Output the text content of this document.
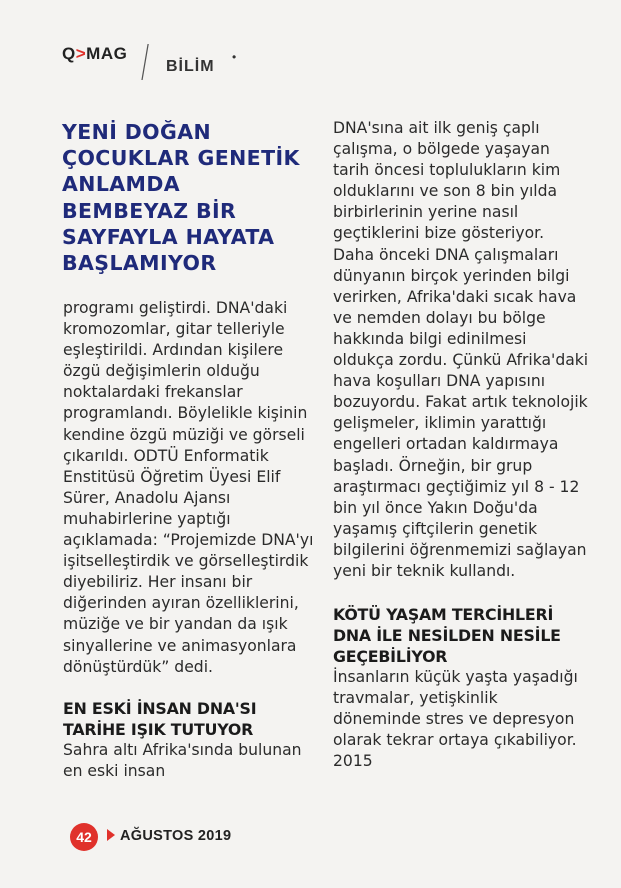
Q>MAG / BİLİM
•
YENİ DOĞAN ÇOCUKLAR GENETİK ANLAMDA BEMBEYAZ BİR SAYFAYLA HAYATA BAŞLAMIYOR

programı geliştirdi. DNA'daki kromozomlar, gitar telleriyle eşleştirildi. Ardından kişilere özgü değişimlerin olduğu noktalardaki frekanslar programlandı. Böylelikle kişinin kendine özgü müziği ve görseli çıkarıldı. ODTÜ Enformatik Enstitüsü Öğretim Üyesi Elif Sürer, Anadolu Ajansı muhabirlerine yaptığı açıklamada: “Projemizde DNA'yı işitselleştirdik ve görselleştirdik diyebiliriz. Her insanı bir diğerinden ayıran özelliklerini, müziğe ve bir yandan da ışık sinyallerine ve animasyonlara dönüştürdük” dedi.

EN ESKİ İNSAN DNA'SI TARİHE IŞIK TUTUYOR

Sahra altı Afrika'sında bulunan en eski insan

DNA'sına ait ilk geniş çaplı çalışma, o bölgede yaşayan tarih öncesi toplulukların kim olduklarını ve son 8 bin yılda birbirlerinin yerine nasıl geçtiklerini bize gösteriyor. Daha önceki DNA çalışmaları dünyanın birçok yerinden bilgi verirken, Afrika'daki sıcak hava ve nemden dolayı bu bölge hakkında bilgi edinilmesi oldukça zordu. Çünkü Afrika'daki hava koşulları DNA yapısını bozuyordu. Fakat artık teknolojik gelişmeler, iklimin yarattığı engelleri ortadan kaldırmaya başladı. Örneğin, bir grup araştırmacı geçtiğimiz yıl 8 - 12 bin yıl önce Yakın Doğu'da yaşamış çiftçilerin genetik bilgilerini öğrenmemizi sağlayan yeni bir teknik kullandı.

KÖTÜ YAŞAM TERCİHLERİ DNA İLE NESİLDEN NESİLE GEÇEBİLİYOR

İnsanların küçük yaşta yaşadığı travmalar, yetişkinlik döneminde stres ve depresyon olarak tekrar ortaya çıkabiliyor. 2015

42	AĞUSTOS 2019
